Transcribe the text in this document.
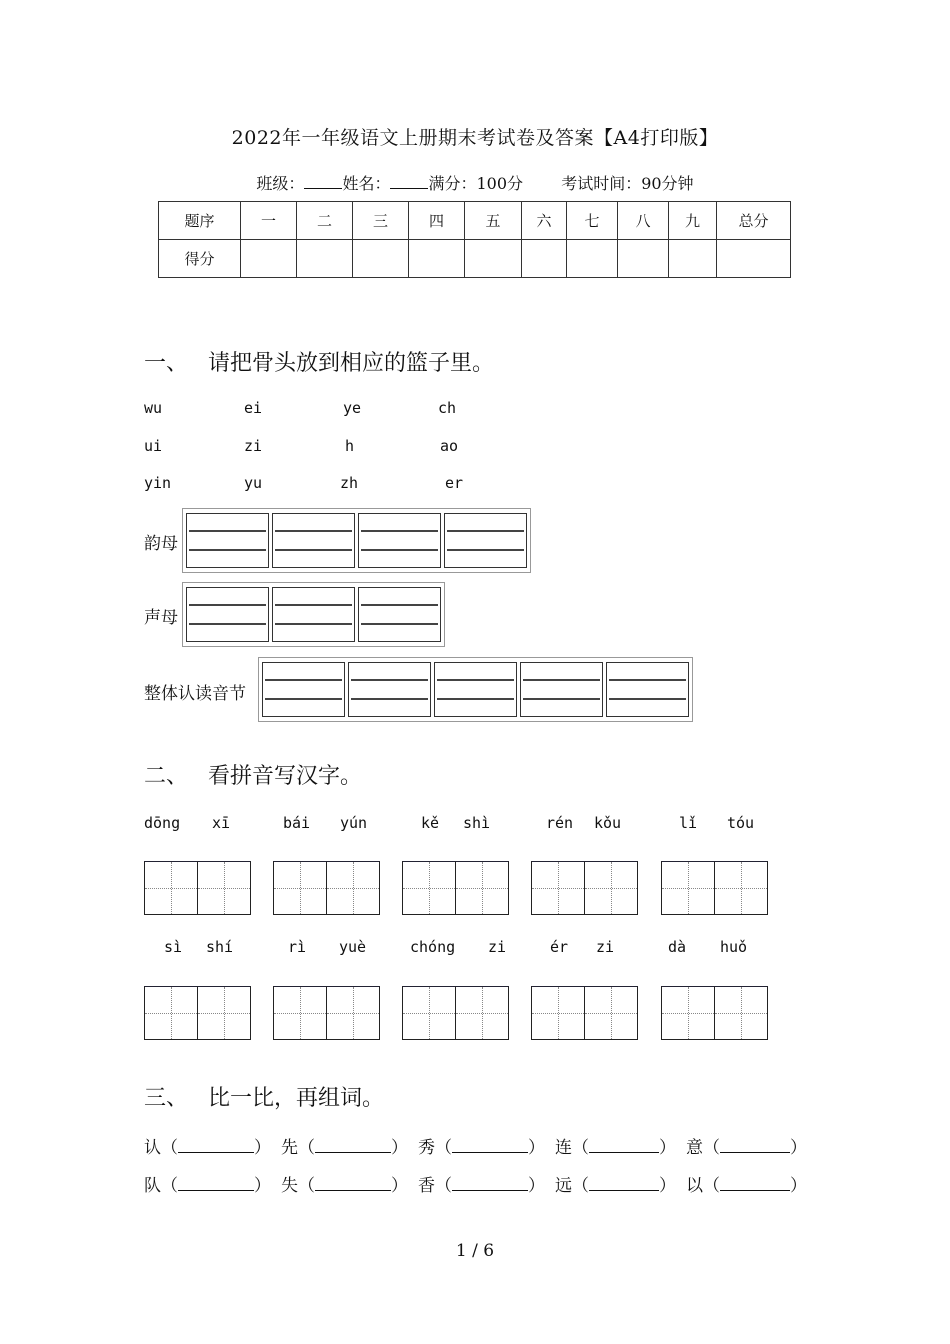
2022年一年级语文上册期末考试卷及答案【A4打印版】
班级： 姓名： 满分：100分 考试时间：90分钟
题序	一	二	三	四	五	六	七	八	九	总分
得分										
一、 请把骨头放到相应的篮子里。
wu	ei	ye	ch
ui	zi	h	ao
yin	yu	zh	er
韵母
声母
整体认读音节
二、 看拼音写汉字。
dōng xī	bái yún	kě shì	rén kǒu	lǐ tóu
sì shí	rì yuè	chóng zi	ér zi	dà huǒ
三、 比一比，再组词。
认（	） 先（	） 秀（	） 连（	） 意（	）
队（	） 失（	） 香（	） 远（	） 以（	）
1 / 6
